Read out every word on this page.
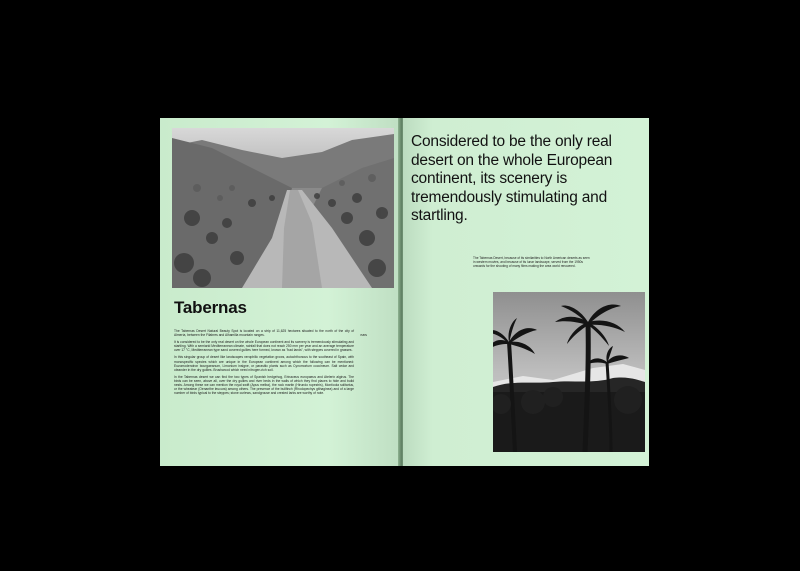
Tabernas
ISBN

The Tabernas Desert Natural Beauty Spot is located on a strip of 11,625 hectares situated to the north of the city of Almería, between the Filabres and Alhamilla mountain ranges.

It is considered to be the only real desert on the whole European continent and its scenery is tremendously stimulating and startling. With a semiarid Mediterranean climate, rainfall that does not reach 250 mm per year and an average temperature over 17 °C, Mediterranean type sand covered gullies here formed, known as "bad lands", with steppes covered in grasses.

In this singular group of desert like landscapes xerophilic vegetation grows, autochthonous to the southeast of Spain, with monospecific species which are unique in the European continent among which the following can be mentioned: Euzomodendron bourgaeanum, Limonium insigne, or parasitic plants such as Cynomorium coccineum. Salt cedar and oleander in the dry gullies. Brushwood which need nitrogen-rich soil.

In the Tabernas desert we can find the two types of Spanish hedgehog, Erinaceus europaeus and Atelerix algirus. The birds can be seen, above all, over the dry gullies and river beds in the walls of which they find places to hide and build nests. Among these we can mention the royal swift (Apus melba), the rock martin (Hirundo rupestris), Montícola solitarius, or the wheatear (Oenanthe leucura) among others. The presence of the bullfinch (Rhodopechys githaginea) and of a large number of birds typical to the steppes; stone curlews, sandgrouse and crested larks are worthy of note.

Considered to be the only real desert on the whole European continent, its scenery is tremendously stimulating and startling.

The Tabernas Desert, because of its similarities to North American deserts as seen in western movies, and because of its lunar landscape, served from the 1950s onwards for the shooting of many films making the area world renowned.
